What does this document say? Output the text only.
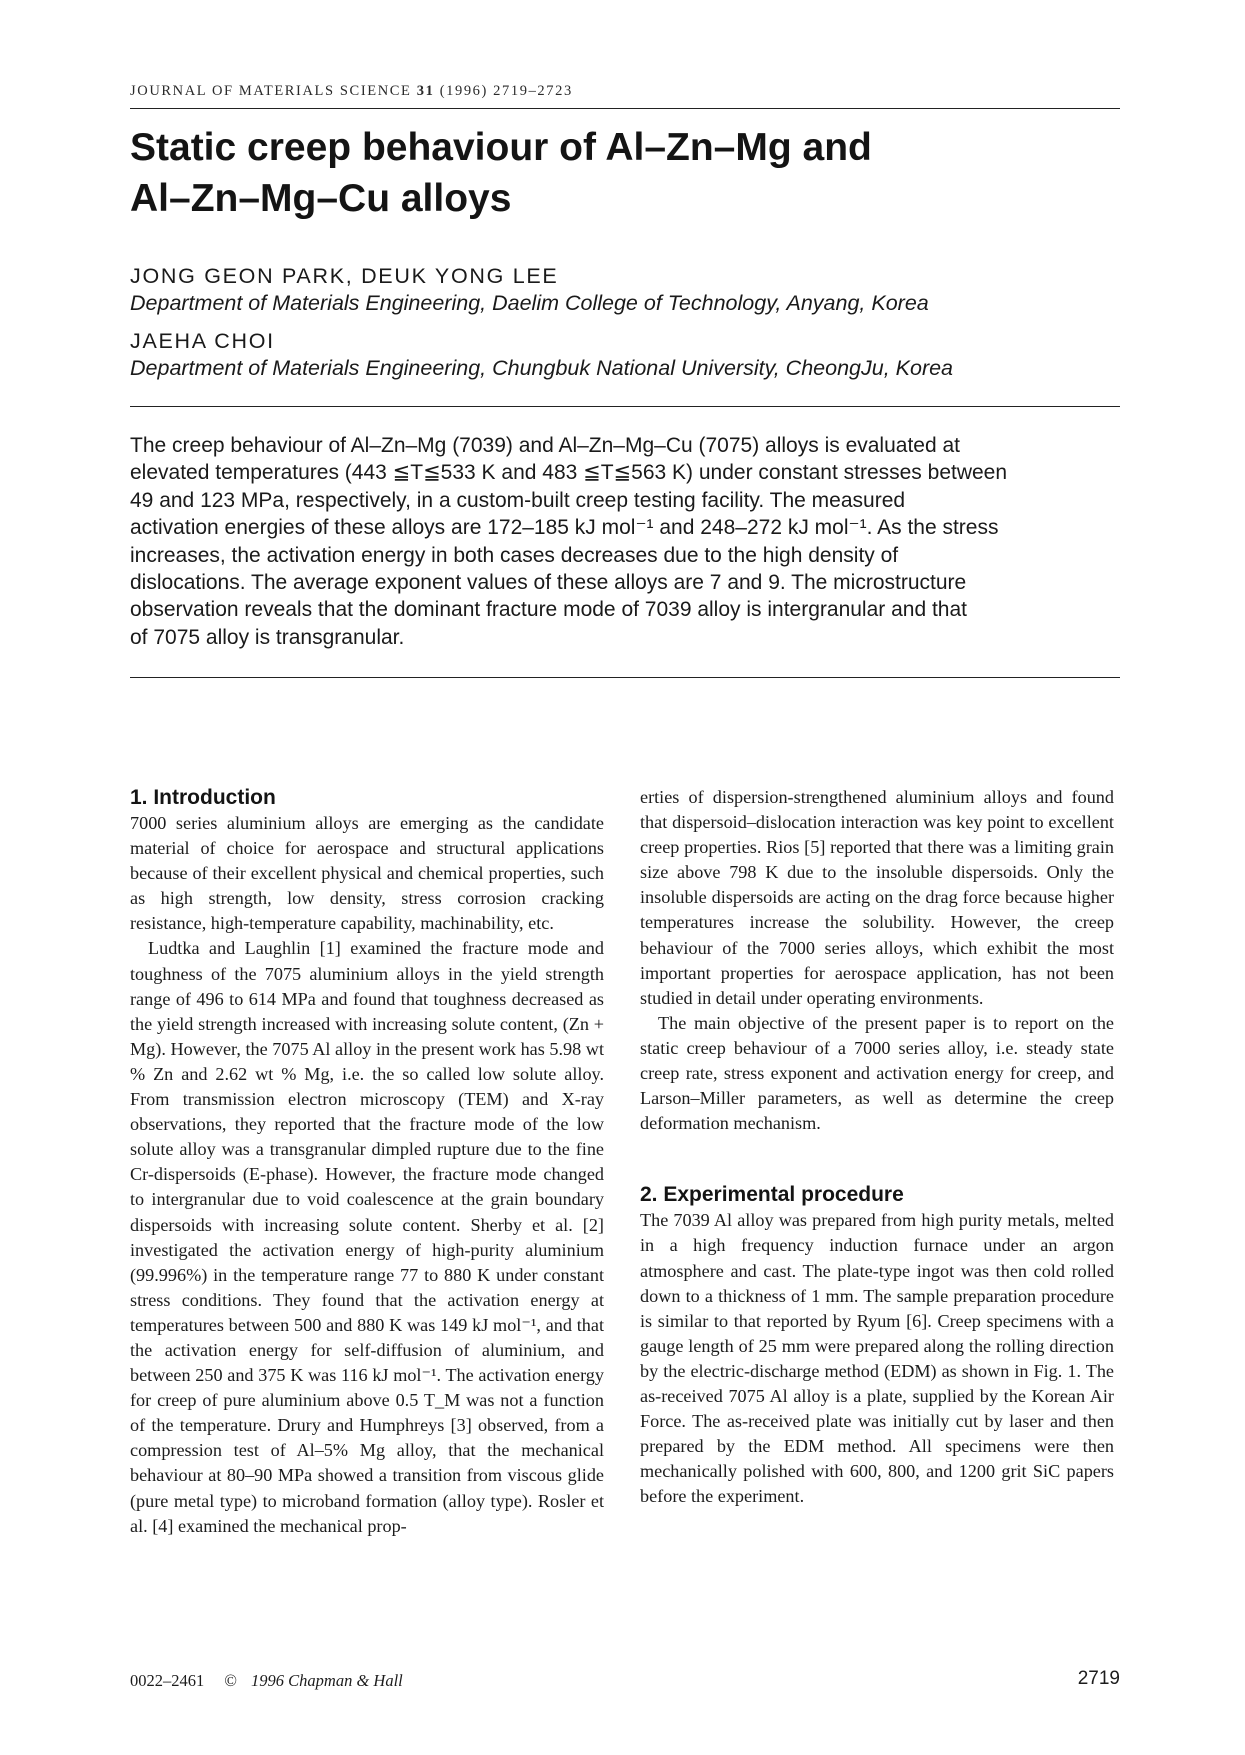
JOURNAL OF MATERIALS SCIENCE 31 (1996) 2719–2723
Static creep behaviour of Al–Zn–Mg and
Al–Zn–Mg–Cu alloys
JONG GEON PARK, DEUK YONG LEE
Department of Materials Engineering, Daelim College of Technology, Anyang, Korea
JAEHA CHOI
Department of Materials Engineering, Chungbuk National University, CheongJu, Korea
The creep behaviour of Al–Zn–Mg (7039) and Al–Zn–Mg–Cu (7075) alloys is evaluated at
elevated temperatures (443 ≦T≦533 K and 483 ≦T≦563 K) under constant stresses between
49 and 123 MPa, respectively, in a custom-built creep testing facility. The measured
activation energies of these alloys are 172–185 kJ mol⁻¹ and 248–272 kJ mol⁻¹. As the stress
increases, the activation energy in both cases decreases due to the high density of
dislocations. The average exponent values of these alloys are 7 and 9. The microstructure
observation reveals that the dominant fracture mode of 7039 alloy is intergranular and that
of 7075 alloy is transgranular.
1. Introduction

7000 series aluminium alloys are emerging as the candidate material of choice for aerospace and structural applications because of their excellent physical and chemical properties, such as high strength, low density, stress corrosion cracking resistance, high-temperature capability, machinability, etc.

Ludtka and Laughlin [1] examined the fracture mode and toughness of the 7075 aluminium alloys in the yield strength range of 496 to 614 MPa and found that toughness decreased as the yield strength increased with increasing solute content, (Zn + Mg). However, the 7075 Al alloy in the present work has 5.98 wt % Zn and 2.62 wt % Mg, i.e. the so called low solute alloy. From transmission electron microscopy (TEM) and X-ray observations, they reported that the fracture mode of the low solute alloy was a transgranular dimpled rupture due to the fine Cr-dispersoids (E-phase). However, the fracture mode changed to intergranular due to void coalescence at the grain boundary dispersoids with increasing solute content. Sherby et al. [2] investigated the activation energy of high-purity aluminium (99.996%) in the temperature range 77 to 880 K under constant stress conditions. They found that the activation energy at temperatures between 500 and 880 K was 149 kJ mol⁻¹, and that the activation energy for self-diffusion of aluminium, and between 250 and 375 K was 116 kJ mol⁻¹. The activation energy for creep of pure aluminium above 0.5 T_M was not a function of the temperature. Drury and Humphreys [3] observed, from a compression test of Al–5% Mg alloy, that the mechanical behaviour at 80–90 MPa showed a transition from viscous glide (pure metal type) to microband formation (alloy type). Rosler et al. [4] examined the mechanical prop-

erties of dispersion-strengthened aluminium alloys and found that dispersoid–dislocation interaction was key point to excellent creep properties. Rios [5] reported that there was a limiting grain size above 798 K due to the insoluble dispersoids. Only the insoluble dispersoids are acting on the drag force because higher temperatures increase the solubility. However, the creep behaviour of the 7000 series alloys, which exhibit the most important properties for aerospace application, has not been studied in detail under operating environments.

The main objective of the present paper is to report on the static creep behaviour of a 7000 series alloy, i.e. steady state creep rate, stress exponent and activation energy for creep, and Larson–Miller parameters, as well as determine the creep deformation mechanism.

2. Experimental procedure

The 7039 Al alloy was prepared from high purity metals, melted in a high frequency induction furnace under an argon atmosphere and cast. The plate-type ingot was then cold rolled down to a thickness of 1 mm. The sample preparation procedure is similar to that reported by Ryum [6]. Creep specimens with a gauge length of 25 mm were prepared along the rolling direction by the electric-discharge method (EDM) as shown in Fig. 1. The as-received 7075 Al alloy is a plate, supplied by the Korean Air Force. The as-received plate was initially cut by laser and then prepared by the EDM method. All specimens were then mechanically polished with 600, 800, and 1200 grit SiC papers before the experiment.

0022–2461 © 1996 Chapman & Hall	2719
